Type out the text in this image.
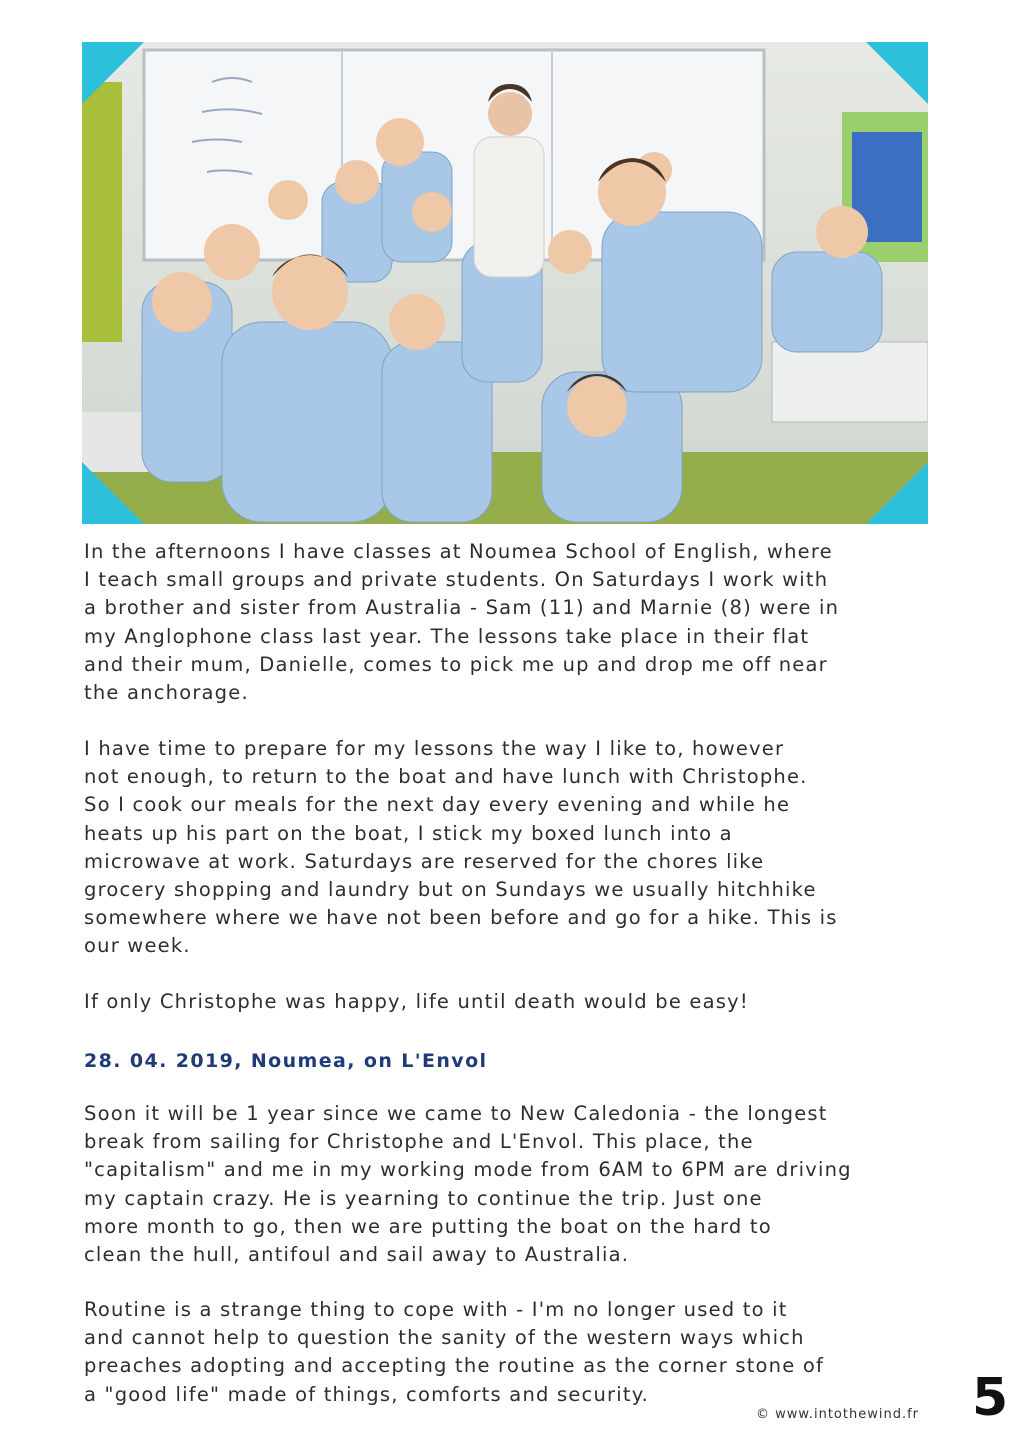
In the afternoons I have classes at Noumea School of English, where
I teach small groups and private students. On Saturdays I work with
a brother and sister from Australia - Sam (11) and Marnie (8) were in
my Anglophone class last year. The lessons take place in their flat
and their mum, Danielle, comes to pick me up and drop me off near
the anchorage.

I have time to prepare for my lessons the way I like to, however
not enough, to return to the boat and have lunch with Christophe.
So I cook our meals for the next day every evening and while he
heats up his part on the boat, I stick my boxed lunch into a
microwave at work. Saturdays are reserved for the chores like
grocery shopping and laundry but on Sundays we usually hitchhike
somewhere where we have not been before and go for a hike. This is
our week.

If only Christophe was happy, life until death would be easy!

28. 04. 2019, Noumea, on L'Envol

Soon it will be 1 year since we came to New Caledonia - the longest
break from sailing for Christophe and L'Envol. This place, the
"capitalism" and me in my working mode from 6AM to 6PM are driving
my captain crazy. He is yearning to continue the trip. Just one
more month to go, then we are putting the boat on the hard to
clean the hull, antifoul and sail away to Australia.

Routine is a strange thing to cope with - I'm no longer used to it
and cannot help to question the sanity of the western ways which
preaches adopting and accepting the routine as the corner stone of
a "good life" made of things, comforts and security.

© www.intothewind.fr 5
